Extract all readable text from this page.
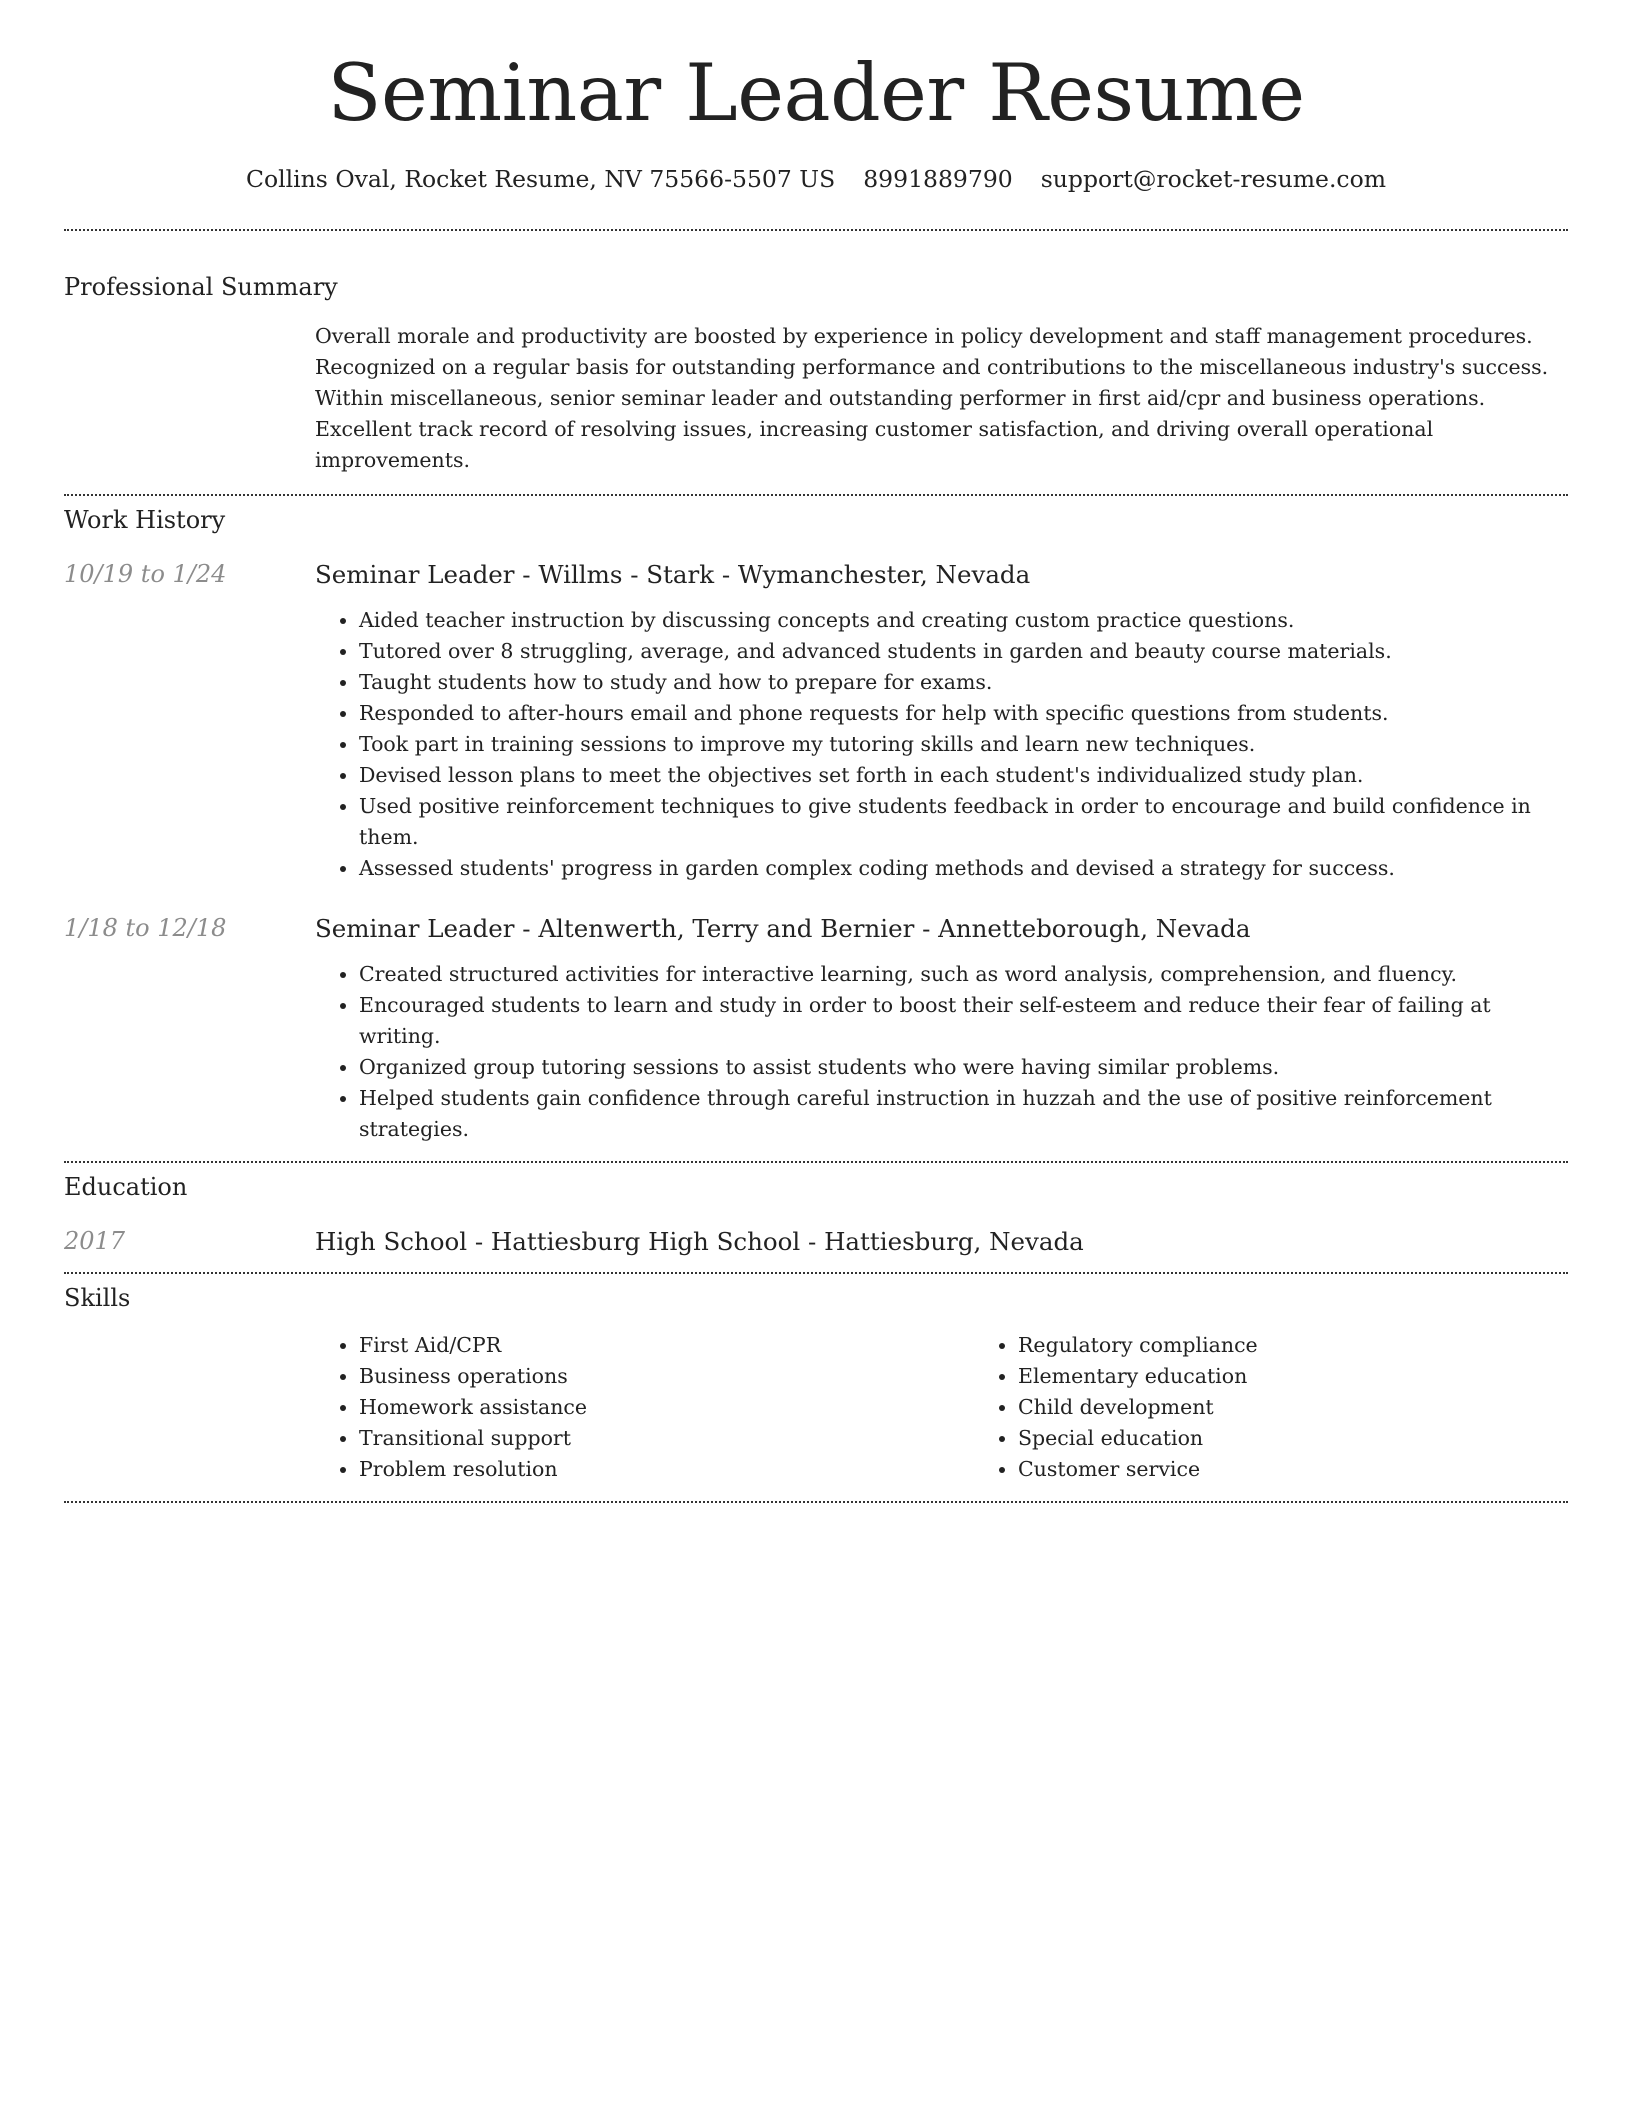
Seminar Leader Resume
Collins Oval, Rocket Resume, NV 75566-5507 US 8991889790 support@rocket-resume.com
Professional Summary

Overall morale and productivity are boosted by experience in policy development and staff management procedures. Recognized on a regular basis for outstanding performance and contributions to the miscellaneous industry's success. Within miscellaneous, senior seminar leader and outstanding performer in first aid/cpr and business operations. Excellent track record of resolving issues, increasing customer satisfaction, and driving overall operational improvements.

Work History
10/19 to 1/24	Seminar Leader - Willms - Stark - Wymanchester, Nevada
• Aided teacher instruction by discussing concepts and creating custom practice questions.
• Tutored over 8 struggling, average, and advanced students in garden and beauty course materials.
• Taught students how to study and how to prepare for exams.
• Responded to after-hours email and phone requests for help with specific questions from students.
• Took part in training sessions to improve my tutoring skills and learn new techniques.
• Devised lesson plans to meet the objectives set forth in each student's individualized study plan.
• Used positive reinforcement techniques to give students feedback in order to encourage and build confidence in them.
• Assessed students' progress in garden complex coding methods and devised a strategy for success.
1/18 to 12/18	Seminar Leader - Altenwerth, Terry and Bernier - Annetteborough, Nevada
• Created structured activities for interactive learning, such as word analysis, comprehension, and fluency.
• Encouraged students to learn and study in order to boost their self-esteem and reduce their fear of failing at writing.
• Organized group tutoring sessions to assist students who were having similar problems.
• Helped students gain confidence through careful instruction in huzzah and the use of positive reinforcement strategies.
Education
2017	High School - Hattiesburg High School - Hattiesburg, Nevada
Skills
• First Aid/CPR
• Business operations
• Homework assistance
• Transitional support
• Problem resolution
• Regulatory compliance
• Elementary education
• Child development
• Special education
• Customer service
